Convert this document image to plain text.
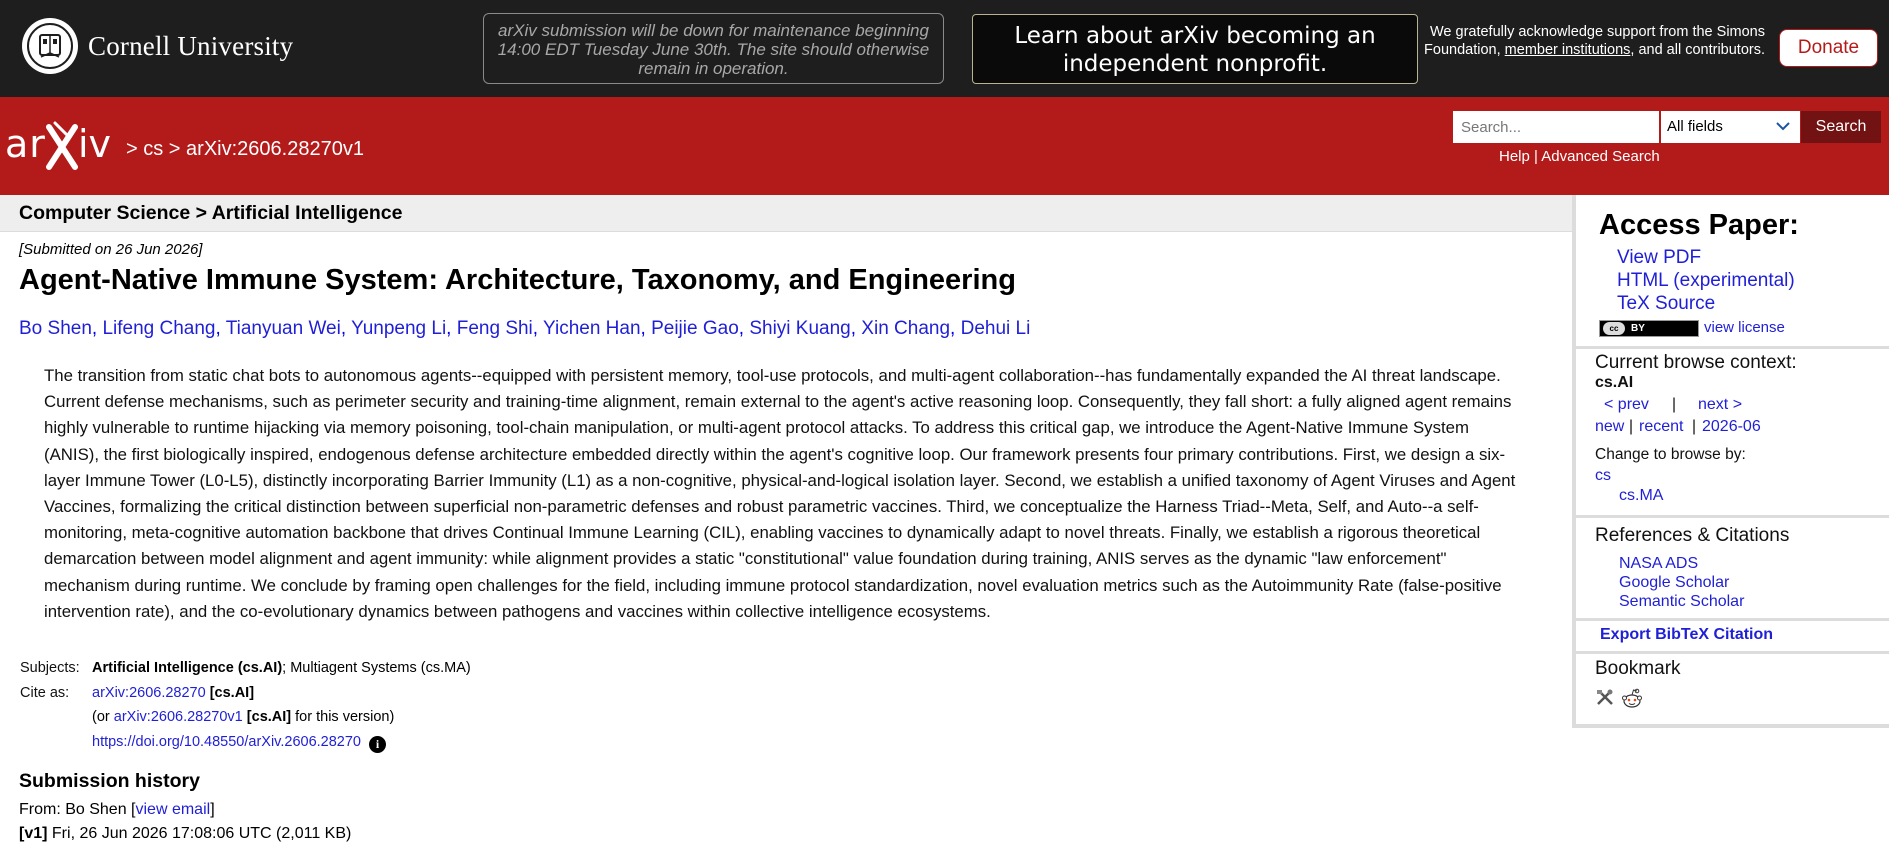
Cornell University	arXiv submission will be down for maintenance beginning 14:00 EDT Tuesday June 30th. The site should otherwise remain in operation.
Learn about arXiv becoming an independent nonprofit.
We gratefully acknowledge support from the Simons Foundation, member institutions, and all contributors.	Donate
ar iv > cs > arXiv:2606.28270v1
Search...
All fields	Search
Help | Advanced Search
Computer Science > Artificial Intelligence
[Submitted on 26 Jun 2026]
Agent-Native Immune System: Architecture, Taxonomy, and Engineering
Bo Shen, Lifeng Chang, Tianyuan Wei, Yunpeng Li, Feng Shi, Yichen Han, Peijie Gao, Shiyi Kuang, Xin Chang, Dehui Li
The transition from static chat bots to autonomous agents--equipped with persistent memory, tool-use protocols, and multi-agent collaboration--has fundamentally expanded the AI threat landscape. Current defense mechanisms, such as perimeter security and training-time alignment, remain external to the agent's active reasoning loop. Consequently, they fall short: a fully aligned agent remains highly vulnerable to runtime hijacking via memory poisoning, tool-chain manipulation, or multi-agent protocol attacks. To address this critical gap, we introduce the Agent-Native Immune System (ANIS), the first biologically inspired, endogenous defense architecture embedded directly within the agent's cognitive loop. Our framework presents four primary contributions. First, we design a six-layer Immune Tower (L0-L5), distinctly incorporating Barrier Immunity (L1) as a non-cognitive, physical-and-logical isolation layer. Second, we establish a unified taxonomy of Agent Viruses and Agent Vaccines, formalizing the critical distinction between superficial non-parametric defenses and robust parametric vaccines. Third, we conceptualize the Harness Triad--Meta, Self, and Auto--a self-monitoring, meta-cognitive automation backbone that drives Continual Immune Learning (CIL), enabling vaccines to dynamically adapt to novel threats. Finally, we establish a rigorous theoretical demarcation between model alignment and agent immunity: while alignment provides a static "constitutional" value foundation during training, ANIS serves as the dynamic "law enforcement" mechanism during runtime. We conclude by framing open challenges for the field, including immune protocol standardization, novel evaluation metrics such as the Autoimmunity Rate (false-positive intervention rate), and the co-evolutionary dynamics between pathogens and vaccines within collective intelligence ecosystems.
Subjects: Artificial Intelligence (cs.AI); Multiagent Systems (cs.MA)
Cite as:	arXiv:2606.28270 [cs.AI]
(or arXiv:2606.28270v1 [cs.AI] for this version)
https://doi.org/10.48550/arXiv.2606.28270 i
Submission history
From: Bo Shen [view email]
[v1] Fri, 26 Jun 2026 17:08:06 UTC (2,011 KB)
Access Paper:
View PDF
HTML (experimental)
TeX Source
cc	BY	view license
Current browse context:
cs.AI
< prev | next >
new | recent | 2026-06
Change to browse by:
cs
cs.MA
References & Citations
NASA ADS
Google Scholar
Semantic Scholar
Export BibTeX Citation
Bookmark
